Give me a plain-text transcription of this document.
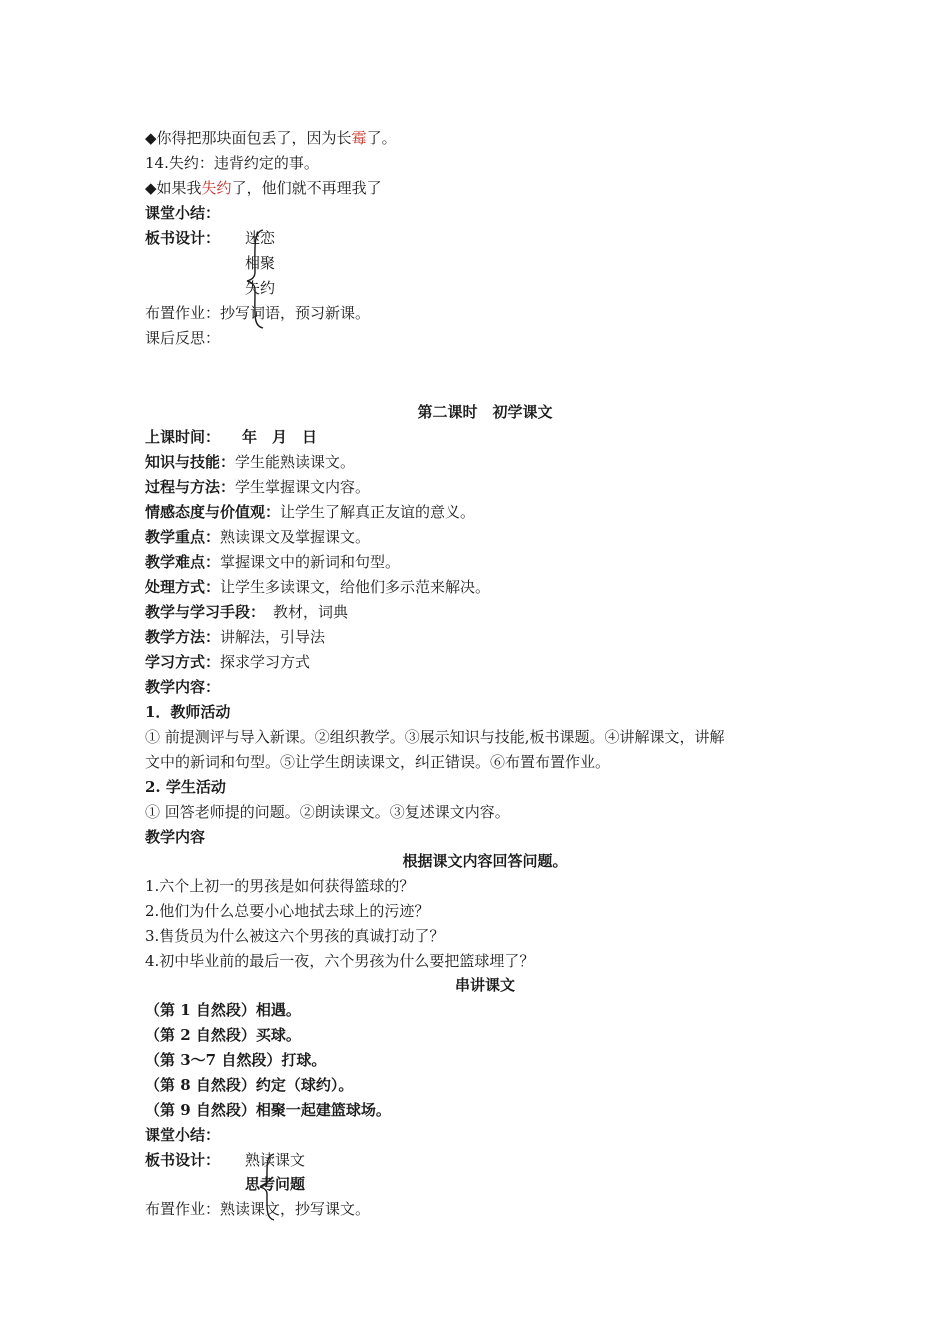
◆你得把那块面包丢了，因为长霉了。
14.失约：违背约定的事。
◆如果我失约了，他们就不再理我了
课堂小结：
板书设计： 迷恋
相聚
失约
布置作业：抄写词语，预习新课。
课后反思：
第二课时　初学课文
上课时间： 年　月　日
知识与技能：学生能熟读课文。
过程与方法：学生掌握课文内容。
情感态度与价值观：让学生了解真正友谊的意义。
教学重点：熟读课文及掌握课文。
教学难点：掌握课文中的新词和句型。
处理方式：让学生多读课文，给他们多示范来解决。
教学与学习手段： 教材，词典
教学方法：讲解法，引导法
学习方式：探求学习方式
教学内容：
1．教师活动
① 前提测评与导入新课。②组织教学。③展示知识与技能,板书课题。④讲解课文，讲解
文中的新词和句型。⑤让学生朗读课文，纠正错误。⑥布置布置作业。
2. 学生活动
① 回答老师提的问题。②朗读课文。③复述课文内容。
教学内容
根据课文内容回答问题。
1.六个上初一的男孩是如何获得篮球的？
2.他们为什么总要小心地拭去球上的污迹？
3.售货员为什么被这六个男孩的真诚打动了？
4.初中毕业前的最后一夜，六个男孩为什么要把篮球埋了？
串讲课文
（第 1 自然段）相遇。
（第 2 自然段）买球。
（第 3～7 自然段）打球。
（第 8 自然段）约定（球约）。
（第 9 自然段）相聚一起建篮球场。
课堂小结：
板书设计： 熟读课文
思考问题
布置作业：熟读课文，抄写课文。
